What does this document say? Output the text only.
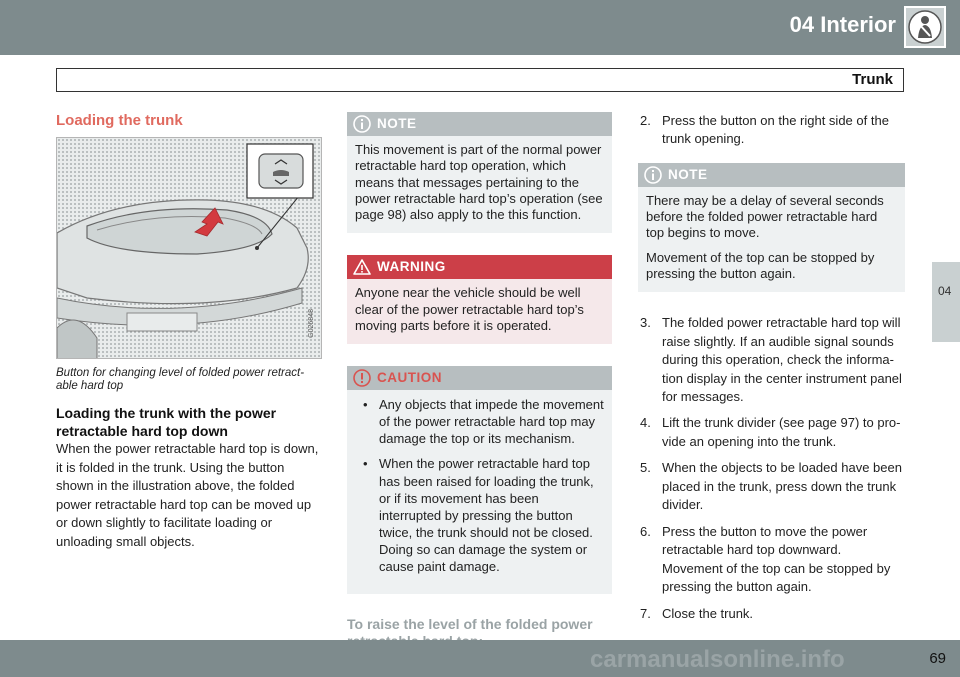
04 Interior
Trunk
04
Loading the trunk
G026848

Button for changing level of folded power retract-able hard top

Loading the trunk with the power retractable hard top down

When the power retractable hard top is down, it is folded in the trunk. Using the button shown in the illustration above, the folded power retractable hard top can be moved up or down slightly to facilitate loading or unloading small objects.

NOTE
This movement is part of the normal power retractable hard top operation, which means that messages pertaining to the power retractable hard top’s operation (see page 98) also apply to the this function.
WARNING
Anyone near the vehicle should be well clear of the power retractable hard top’s moving parts before it is operated.
CAUTION
• Any objects that impede the movement of the power retractable hard top may damage the top or its mechanism.
• When the power retractable hard top has been raised for loading the trunk, or if its movement has been interrupted by pressing the button twice, the trunk should not be closed. Doing so can damage the system or cause paint damage.
To raise the level of the folded power
2. Press the button on the right side of the trunk opening.
NOTE

There may be a delay of several seconds before the folded power retractable hard top begins to move.

Movement of the top can be stopped by pressing the button again.

3. The folded power retractable hard top will raise slightly. If an audible signal sounds during this operation, check the informa-tion display in the center instrument panel for messages.
4. Lift the trunk divider (see page 97) to pro-vide an opening into the trunk.
5. When the objects to be loaded have been placed in the trunk, press down the trunk divider.
6. Press the button to move the power retractable hard top downward. Movement of the top can be stopped by pressing the button again.
7. Close the trunk.

69
carmanualsonline.info
